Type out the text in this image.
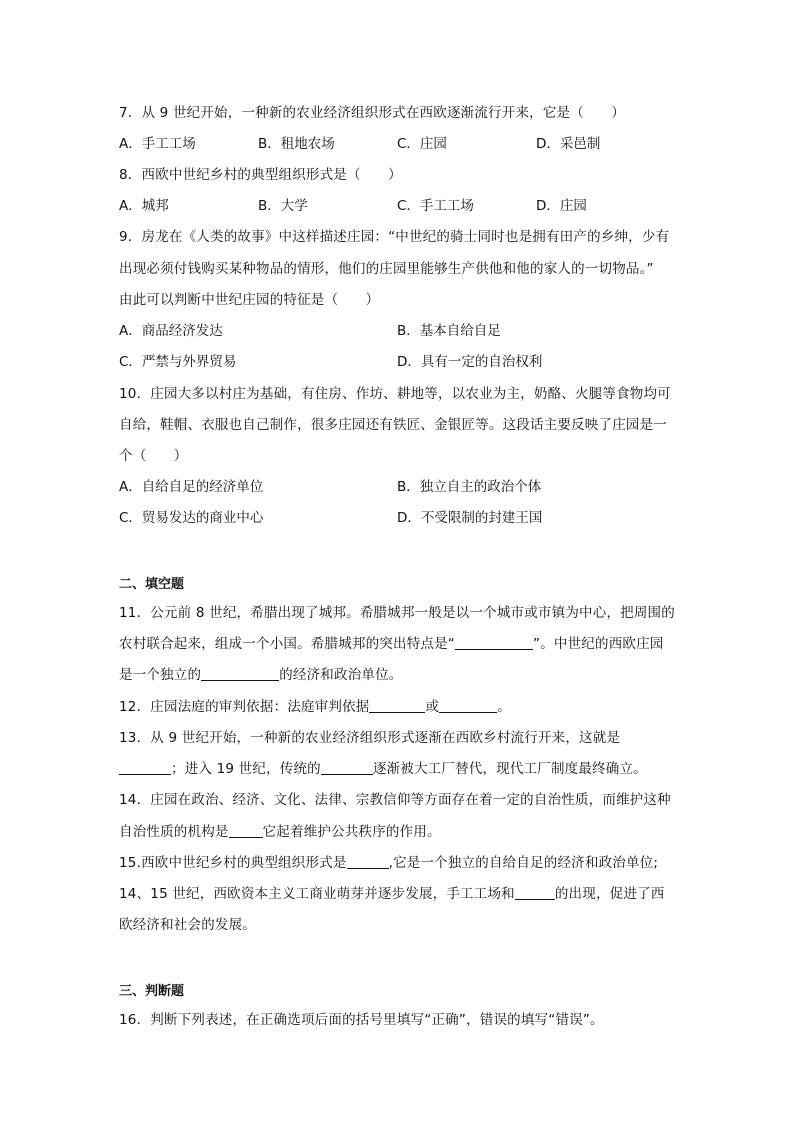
7．从 9 世纪开始，一种新的农业经济组织形式在西欧逐渐流行开来，它是（　　）
A．手工工场	B．租地农场	C．庄园	D．采邑制
8．西欧中世纪乡村的典型组织形式是（　　）
A．城邦	B．大学	C．手工工场	D．庄园
9．房龙在《人类的故事》中这样描述庄园：“中世纪的骑士同时也是拥有田产的乡绅，少有
出现必须付钱购买某种物品的情形，他们的庄园里能够生产供他和他的家人的一切物品。”
由此可以判断中世纪庄园的特征是（　　）
A．商品经济发达	B．基本自给自足
C．严禁与外界贸易	D．具有一定的自治权利
10．庄园大多以村庄为基础，有住房、作坊、耕地等，以农业为主，奶酪、火腿等食物均可
自给，鞋帽、衣服也自己制作，很多庄园还有铁匠、金银匠等。这段话主要反映了庄园是一
个（　　）
A．自给自足的经济单位	B．独立自主的政治个体
C．贸易发达的商业中心	D．不受限制的封建王国
二、填空题
11．公元前 8 世纪，希腊出现了城邦。希腊城邦一般是以一个城市或市镇为中心，把周围的
农村联合起来，组成一个小国。希腊城邦的突出特点是“	”。中世纪的西欧庄园
是一个独立的	的经济和政治单位。
12．庄园法庭的审判依据：法庭审判依据	或	。
13．从 9 世纪开始，一种新的农业经济组织形式逐渐在西欧乡村流行开来，这就是
；进入 19 世纪，传统的	逐渐被大工厂替代，现代工厂制度最终确立。
14．庄园在政治、经济、文化、法律、宗教信仰等方面存在着一定的自治性质，而维护这种
自治性质的机构是	它起着维护公共秩序的作用。
15.西欧中世纪乡村的典型组织形式是	,它是一个独立的自给自足的经济和政治单位;
14、15 世纪，西欧资本主义工商业萌芽并逐步发展，手工工场和	的出现，促进了西
欧经济和社会的发展。
三、判断题
16．判断下列表述，在正确选项后面的括号里填写“正确”，错误的填写“错误”。
